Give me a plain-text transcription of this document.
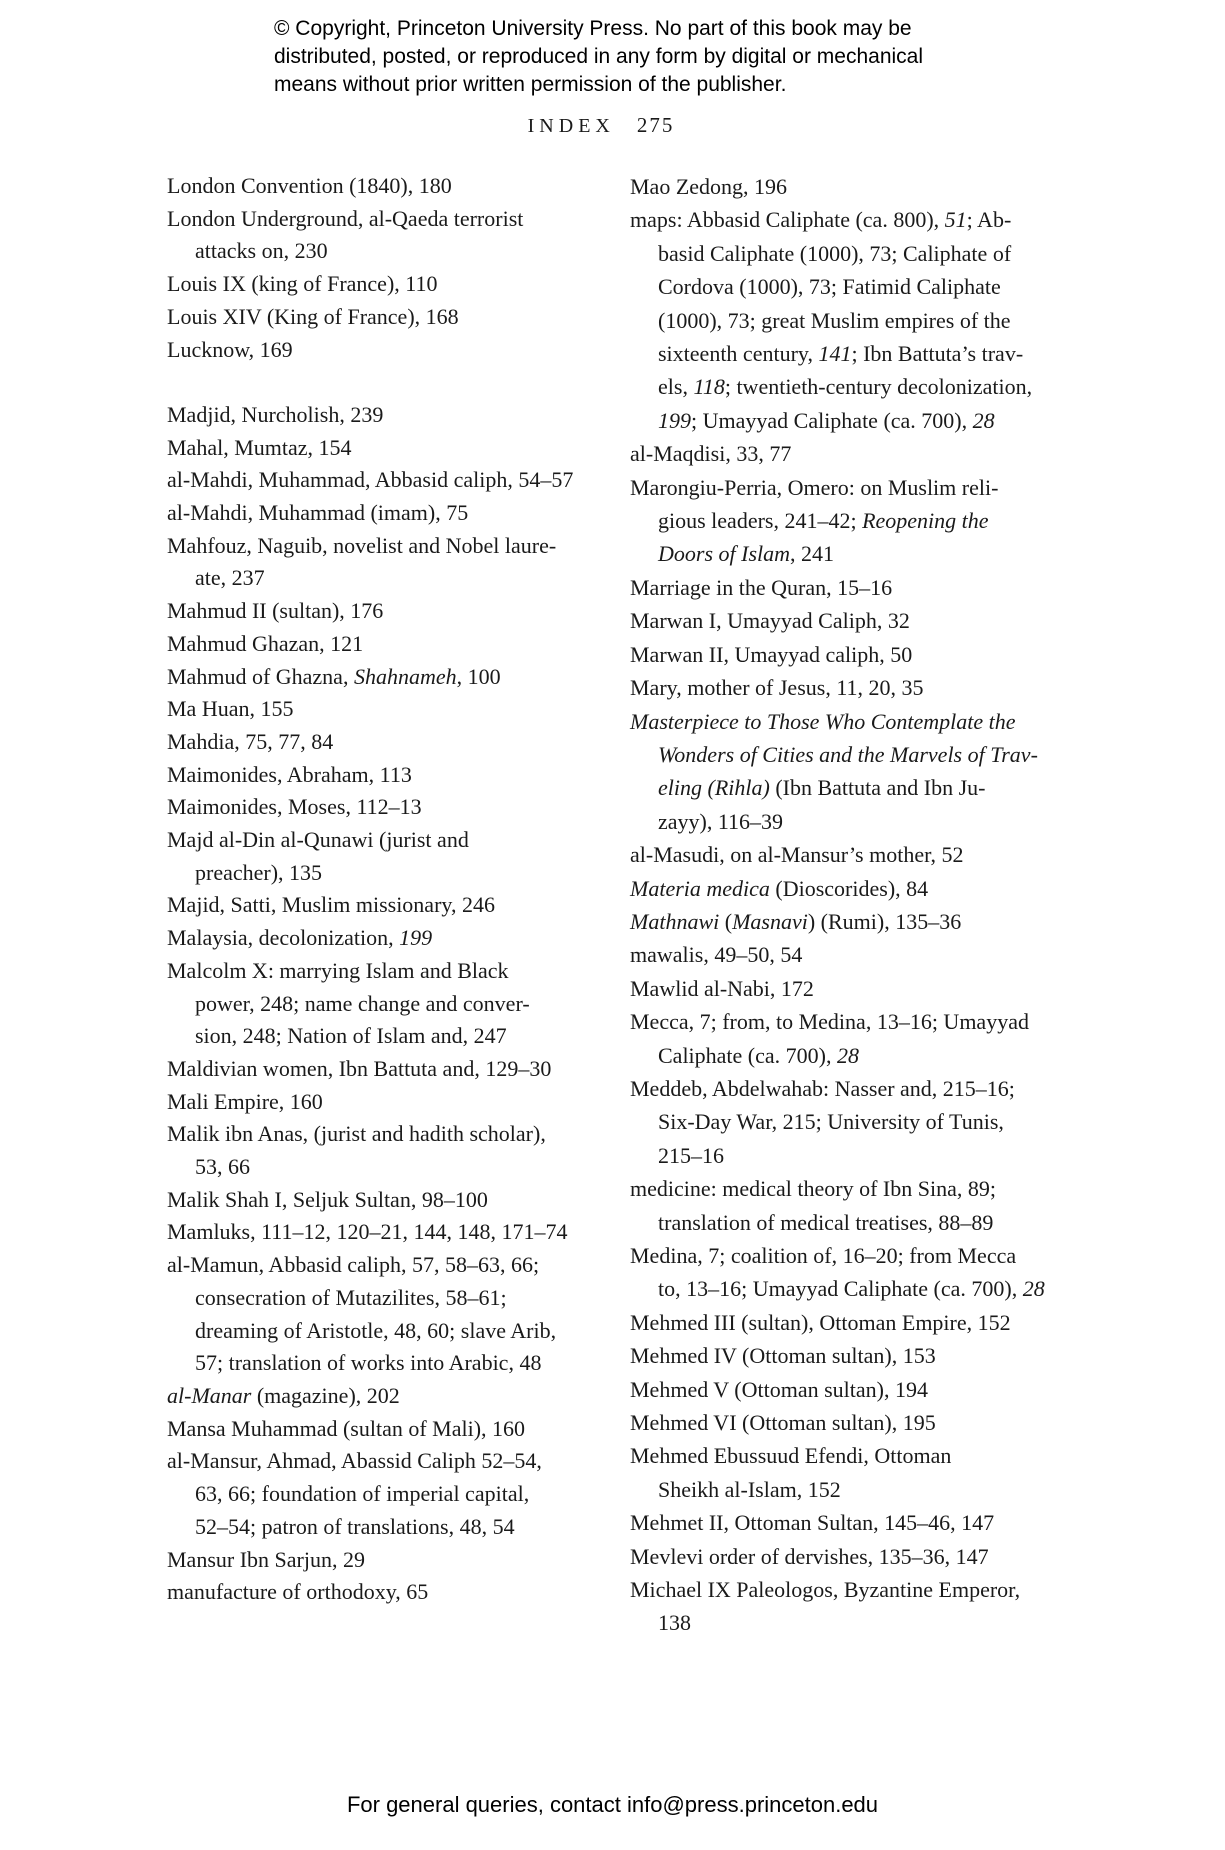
© Copyright, Princeton University Press. No part of this book may be
distributed, posted, or reproduced in any form by digital or mechanical
means without prior written permission of the publisher.
INDEX 275
London Convention (1840), 180
London Underground, al-Qaeda terrorist
attacks on, 230
Louis IX (king of France), 110
Louis XIV (King of France), 168
Lucknow, 169
Madjid, Nurcholish, 239
Mahal, Mumtaz, 154
al-Mahdi, Muhammad, Abbasid caliph, 54–57
al-Mahdi, Muhammad (imam), 75
Mahfouz, Naguib, novelist and Nobel laure-
ate, 237
Mahmud II (sultan), 176
Mahmud Ghazan, 121
Mahmud of Ghazna, Shahnameh, 100
Ma Huan, 155
Mahdia, 75, 77, 84
Maimonides, Abraham, 113
Maimonides, Moses, 112–13
Majd al-Din al-Qunawi (jurist and
preacher), 135
Majid, Satti, Muslim missionary, 246
Malaysia, decolonization, 199
Malcolm X: marrying Islam and Black
power, 248; name change and conver-
sion, 248; Nation of Islam and, 247
Maldivian women, Ibn Battuta and, 129–30
Mali Empire, 160
Malik ibn Anas, (jurist and hadith scholar),
53, 66
Malik Shah I, Seljuk Sultan, 98–100
Mamluks, 111–12, 120–21, 144, 148, 171–74
al-Mamun, Abbasid caliph, 57, 58–63, 66;
consecration of Mutazilites, 58–61;
dreaming of Aristotle, 48, 60; slave Arib,
57; translation of works into Arabic, 48
al-Manar (magazine), 202
Mansa Muhammad (sultan of Mali), 160
al-Mansur, Ahmad, Abassid Caliph 52–54,
63, 66; foundation of imperial capital,
52–54; patron of translations, 48, 54
Mansur Ibn Sarjun, 29
manufacture of orthodoxy, 65
Mao Zedong, 196
maps: Abbasid Caliphate (ca. 800), 51; Ab-
basid Caliphate (1000), 73; Caliphate of
Cordova (1000), 73; Fatimid Caliphate
(1000), 73; great Muslim empires of the
sixteenth century, 141; Ibn Battuta’s trav-
els, 118; twentieth-century decolonization,
199; Umayyad Caliphate (ca. 700), 28
al-Maqdisi, 33, 77
Marongiu-Perria, Omero: on Muslim reli-
gious leaders, 241–42; Reopening the
Doors of Islam, 241
Marriage in the Quran, 15–16
Marwan I, Umayyad Caliph, 32
Marwan II, Umayyad caliph, 50
Mary, mother of Jesus, 11, 20, 35
Masterpiece to Those Who Contemplate the
Wonders of Cities and the Marvels of Trav-
eling (Rihla) (Ibn Battuta and Ibn Ju-
zayy), 116–39
al-Masudi, on al-Mansur’s mother, 52
Materia medica (Dioscorides), 84
Mathnawi (Masnavi) (Rumi), 135–36
mawalis, 49–50, 54
Mawlid al-Nabi, 172
Mecca, 7; from, to Medina, 13–16; Umayyad
Caliphate (ca. 700), 28
Meddeb, Abdelwahab: Nasser and, 215–16;
Six-Day War, 215; University of Tunis,
215–16
medicine: medical theory of Ibn Sina, 89;
translation of medical treatises, 88–89
Medina, 7; coalition of, 16–20; from Mecca
to, 13–16; Umayyad Caliphate (ca. 700), 28
Mehmed III (sultan), Ottoman Empire, 152
Mehmed IV (Ottoman sultan), 153
Mehmed V (Ottoman sultan), 194
Mehmed VI (Ottoman sultan), 195
Mehmed Ebussuud Efendi, Ottoman
Sheikh al-Islam, 152
Mehmet II, Ottoman Sultan, 145–46, 147
Mevlevi order of dervishes, 135–36, 147
Michael IX Paleologos, Byzantine Emperor,
138
For general queries, contact info@press.princeton.edu
